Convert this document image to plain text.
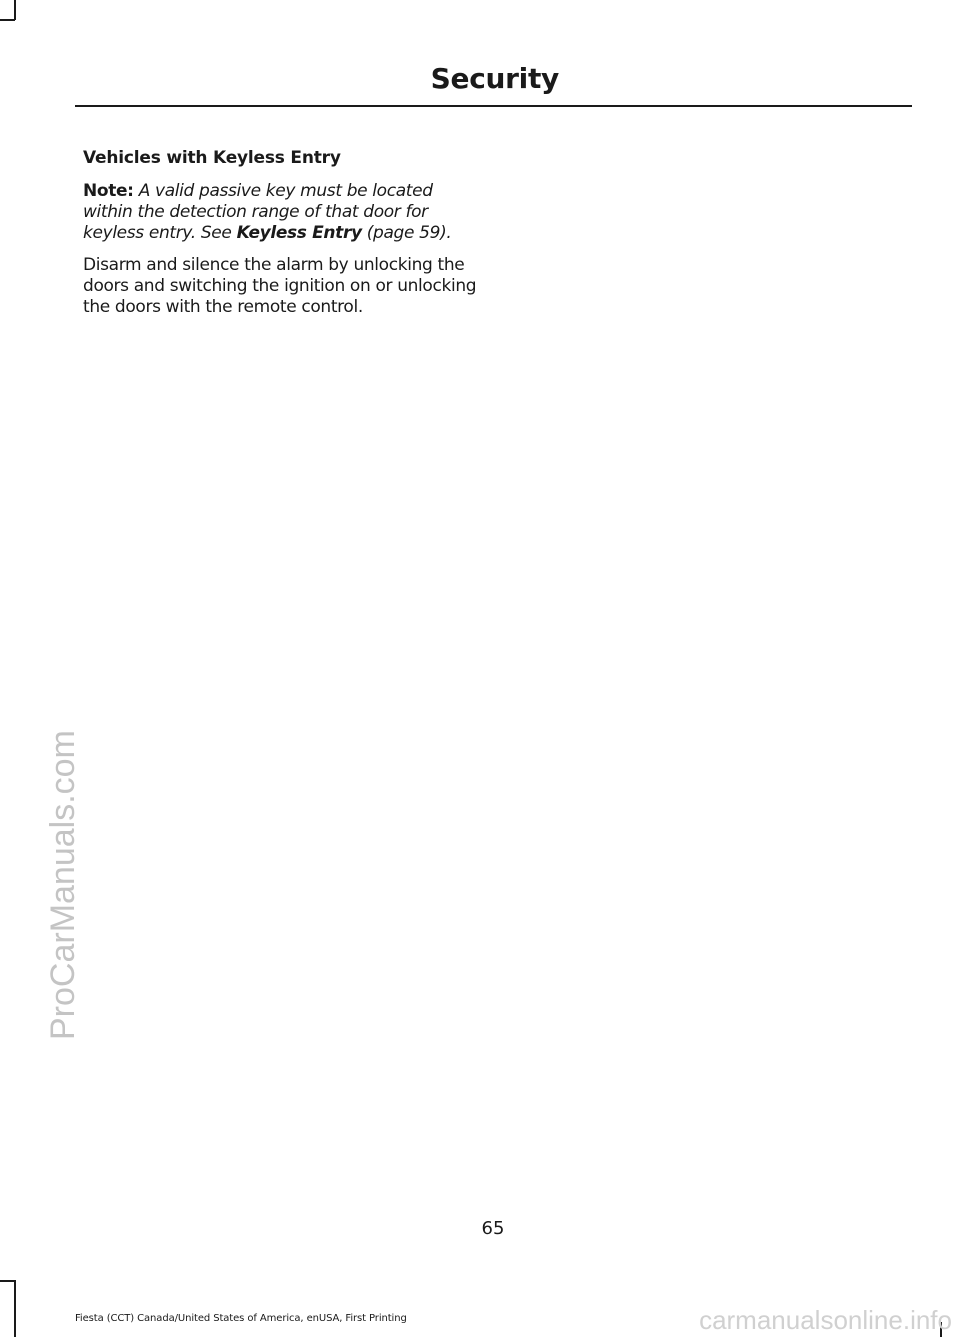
Security
Vehicles with Keyless Entry
Note: A valid passive key must be located within the detection range of that door for keyless entry. See Keyless Entry (page 59).
Disarm and silence the alarm by unlocking the doors and switching the ignition on or unlocking the doors with the remote control.
65
Fiesta (CCT) Canada/United States of America, enUSA, First Printing
ProCarManuals.com
carmanualsonline.info
